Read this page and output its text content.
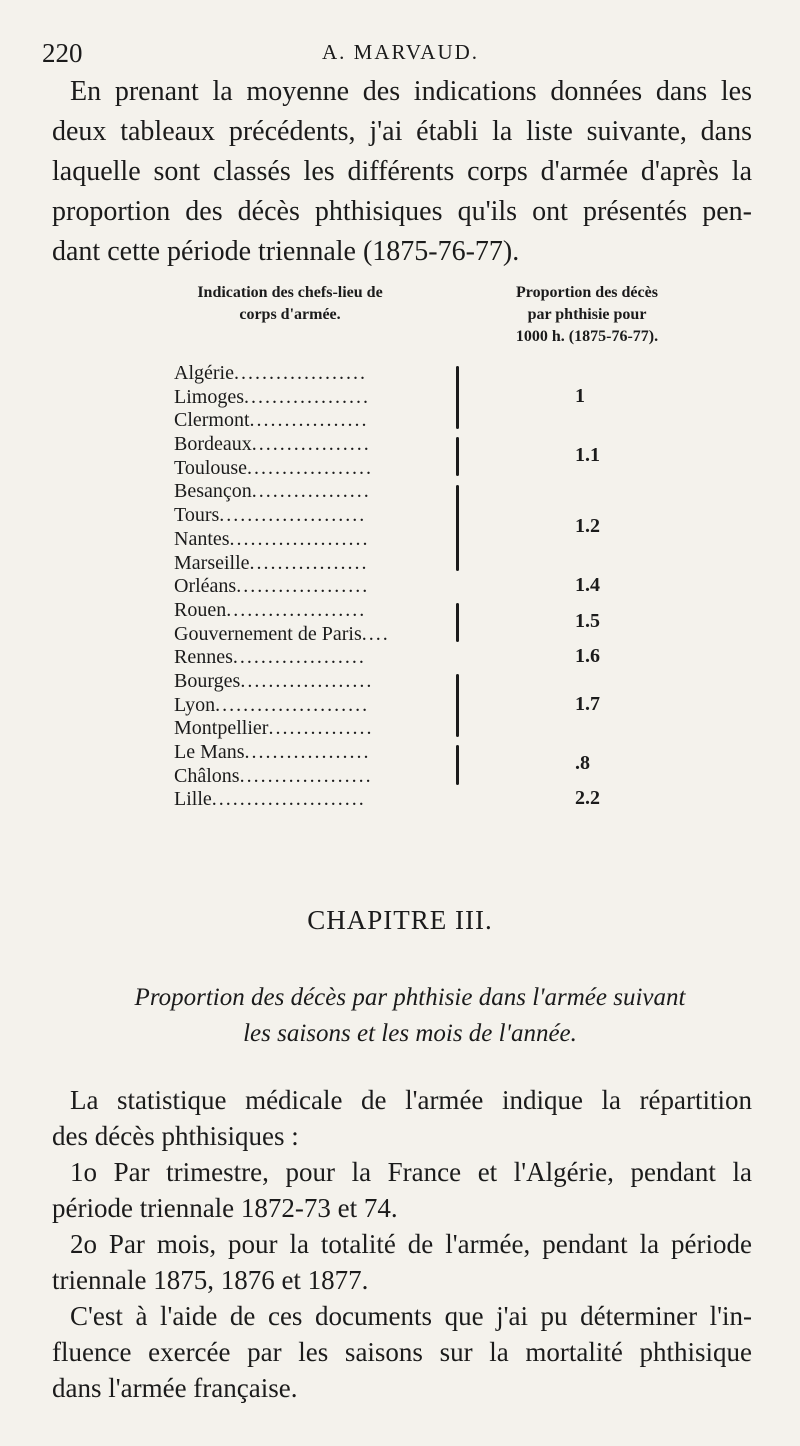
220	A. MARVAUD.
En prenant la moyenne des indications données dans les
deux tableaux précédents, j'ai établi la liste suivante, dans
laquelle sont classés les différents corps d'armée d'après la
proportion des décès phthisiques qu'ils ont présentés pen-
dant cette période triennale (1875-76-77).
Indication des chefs-lieu de
corps d'armée.
Proportion des décès
par phthisie pour
1000 h. (1875-76-77).
Algérie...................
Limoges..................
Clermont.................
Bordeaux.................
Toulouse..................
Besançon.................
Tours.....................
Nantes....................
Marseille.................
Orléans...................
Rouen....................
Gouvernement de Paris....
Rennes...................
Bourges...................
Lyon......................
Montpellier...............
Le Mans..................
Châlons...................
Lille......................
1
1.1
1.2
1.4
1.5
1.6
1.7
.8
2.2
CHAPITRE III.
Proportion des décès par phthisie dans l'armée suivant
les saisons et les mois de l'année.
La statistique médicale de l'armée indique la répartition
des décès phthisiques :
1o Par trimestre, pour la France et l'Algérie, pendant la
période triennale 1872-73 et 74.
2o Par mois, pour la totalité de l'armée, pendant la période
triennale 1875, 1876 et 1877.
C'est à l'aide de ces documents que j'ai pu déterminer l'in-
fluence exercée par les saisons sur la mortalité phthisique
dans l'armée française.
